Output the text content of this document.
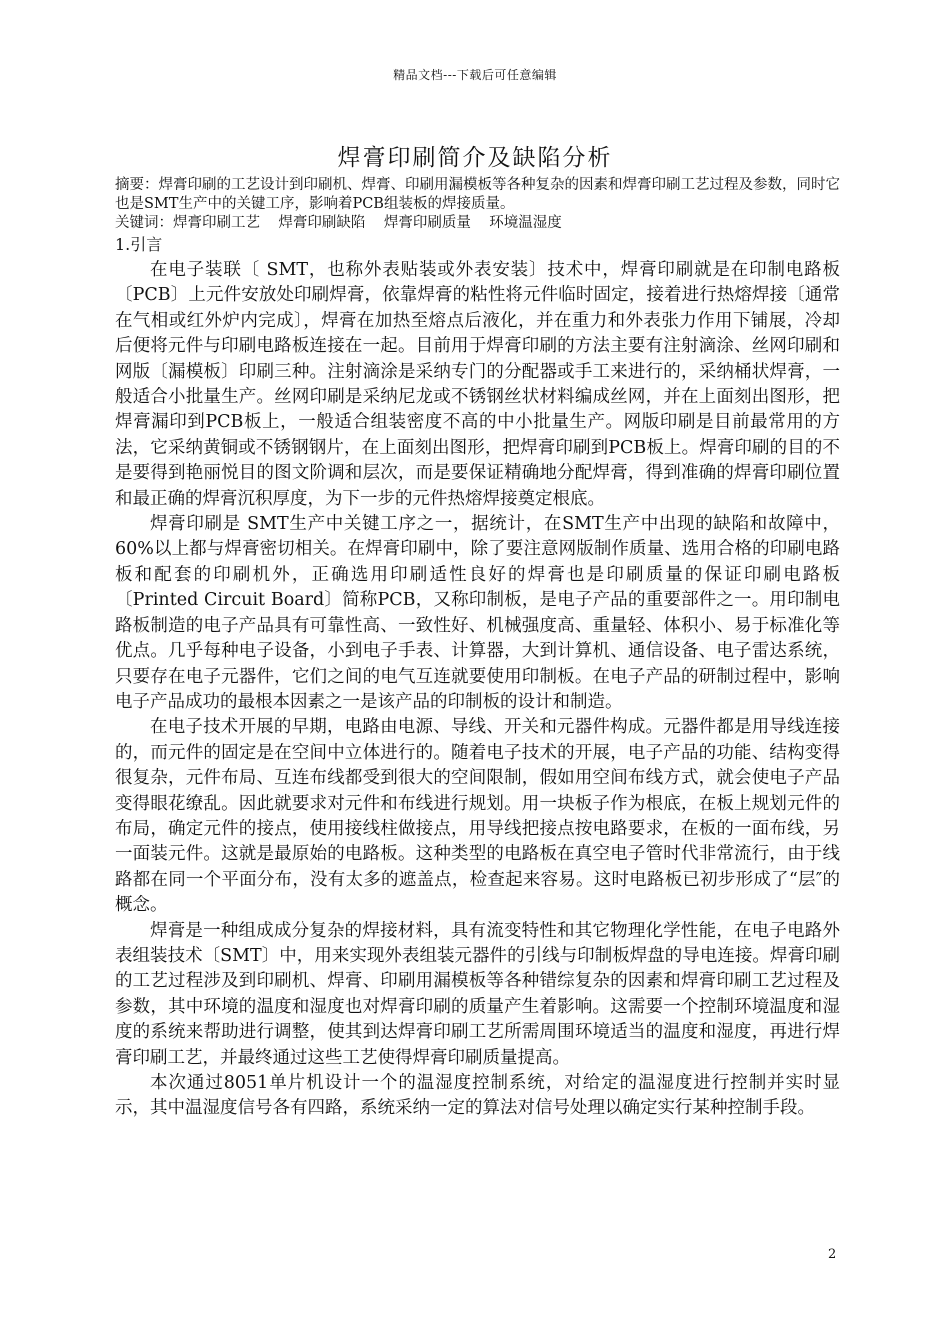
精品文档---下载后可任意编辑
焊膏印刷简介及缺陷分析
摘要：焊膏印刷的工艺设计到印刷机、焊膏、印刷用漏模板等各种复杂的因素和焊膏印刷工艺过程及参数，同时它也是SMT生产中的关键工序，影响着PCB组装板的焊接质量。
关键词：焊膏印刷工艺    焊膏印刷缺陷    焊膏印刷质量    环境温湿度
1.引言

在电子装联〔 SMT，也称外表贴装或外表安装〕技术中，焊膏印刷就是在印制电路板〔PCB〕上元件安放处印刷焊膏，依靠焊膏的粘性将元件临时固定，接着进行热熔焊接〔通常在气相或红外炉内完成〕，焊膏在加热至熔点后液化，并在重力和外表张力作用下铺展，冷却后便将元件与印刷电路板连接在一起。目前用于焊膏印刷的方法主要有注射滴涂、丝网印刷和网版〔漏模板〕印刷三种。注射滴涂是采纳专门的分配器或手工来进行的，采纳桶状焊膏，一般适合小批量生产。丝网印刷是采纳尼龙或不锈钢丝状材料编成丝网，并在上面刻出图形，把焊膏漏印到PCB板上，一般适合组装密度不高的中小批量生产。网版印刷是目前最常用的方法，它采纳黄铜或不锈钢钢片，在上面刻出图形，把焊膏印刷到PCB板上。焊膏印刷的目的不是要得到艳丽悦目的图文阶调和层次，而是要保证精确地分配焊膏，得到准确的焊膏印刷位置和最正确的焊膏沉积厚度，为下一步的元件热熔焊接奠定根底。

焊膏印刷是 SMT生产中关键工序之一，据统计，在SMT生产中出现的缺陷和故障中，60%以上都与焊膏密切相关。在焊膏印刷中，除了要注意网版制作质量、选用合格的印刷电路板和配套的印刷机外，正确选用印刷适性良好的焊膏也是印刷质量的保证印刷电路板〔Printed Circuit Board〕简称PCB，又称印制板，是电子产品的重要部件之一。用印制电路板制造的电子产品具有可靠性高、一致性好、机械强度高、重量轻、体积小、易于标准化等优点。几乎每种电子设备，小到电子手表、计算器，大到计算机、通信设备、电子雷达系统，只要存在电子元器件，它们之间的电气互连就要使用印制板。在电子产品的研制过程中，影响电子产品成功的最根本因素之一是该产品的印制板的设计和制造。

在电子技术开展的早期，电路由电源、导线、开关和元器件构成。元器件都是用导线连接的，而元件的固定是在空间中立体进行的。随着电子技术的开展，电子产品的功能、结构变得很复杂，元件布局、互连布线都受到很大的空间限制，假如用空间布线方式，就会使电子产品变得眼花缭乱。因此就要求对元件和布线进行规划。用一块板子作为根底，在板上规划元件的布局，确定元件的接点，使用接线柱做接点，用导线把接点按电路要求，在板的一面布线，另一面装元件。这就是最原始的电路板。这种类型的电路板在真空电子管时代非常流行，由于线路都在同一个平面分布，没有太多的遮盖点，检查起来容易。这时电路板已初步形成了“层″的概念。

焊膏是一种组成成分复杂的焊接材料，具有流变特性和其它物理化学性能，在电子电路外表组装技术〔SMT〕中，用来实现外表组装元器件的引线与印制板焊盘的导电连接。焊膏印刷的工艺过程涉及到印刷机、焊膏、印刷用漏模板等各种错综复杂的因素和焊膏印刷工艺过程及参数，其中环境的温度和湿度也对焊膏印刷的质量产生着影响。这需要一个控制环境温度和湿度的系统来帮助进行调整，使其到达焊膏印刷工艺所需周围环境适当的温度和湿度，再进行焊膏印刷工艺，并最终通过这些工艺使得焊膏印刷质量提高。

本次通过8051单片机设计一个的温湿度控制系统，对给定的温湿度进行控制并实时显示，其中温湿度信号各有四路，系统采纳一定的算法对信号处理以确定实行某种控制手段。

2
